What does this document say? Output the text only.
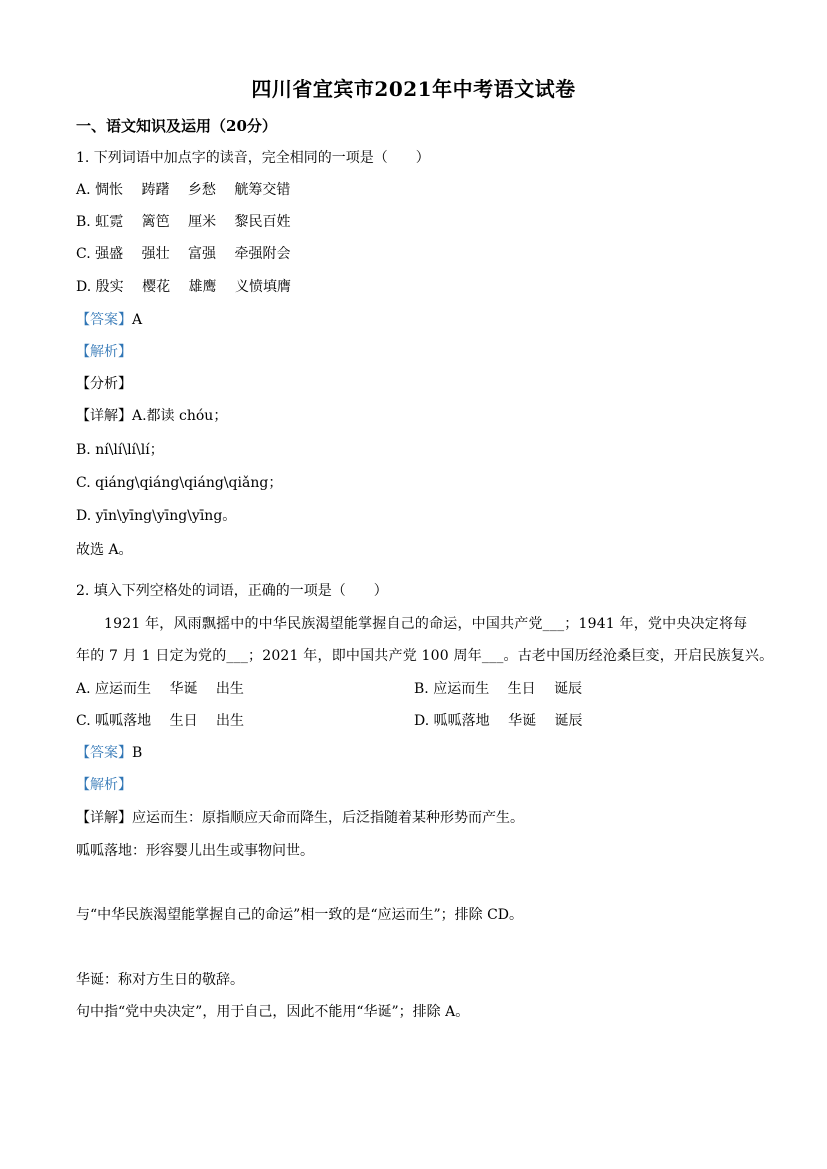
四川省宜宾市2021年中考语文试卷
一、语文知识及运用（20分）
1. 下列词语中加点字的读音，完全相同的一项是（　　）
A. 惆怅　 踌躇　 乡愁　 觥筹交错
B. 虹霓　 篱笆　 厘米　 黎民百姓
C. 强盛　 强壮　 富强　 牵强附会
D. 殷实　 樱花　 雄鹰　 义愤填膺
【答案】A
【解析】
【分析】
【详解】A.都读 chóu；
B. ní\lí\lí\lí；
C. qiáng\qiáng\qiáng\qiǎng；
D. yīn\yīng\yīng\yīng。
故选 A。
2. 填入下列空格处的词语，正确的一项是（　　）
1921 年，风雨飘摇中的中华民族渴望能掌握自己的命运，中国共产党___；1941 年，党中央决定将每
年的 7 月 1 日定为党的___；2021 年，即中国共产党 100 周年___。古老中国历经沧桑巨变，开启民族复兴。
A. 应运而生　 华诞　 出生	B. 应运而生　 生日　 诞辰
C. 呱呱落地　 生日　 出生	D. 呱呱落地　 华诞　 诞辰
【答案】B
【解析】
【详解】应运而生：原指顺应天命而降生，后泛指随着某种形势而产生。
呱呱落地：形容婴儿出生或事物问世。
与“中华民族渴望能掌握自己的命运”相一致的是“应运而生”；排除 CD。
华诞：称对方生日的敬辞。
句中指“党中央决定”，用于自己，因此不能用“华诞”；排除 A。
